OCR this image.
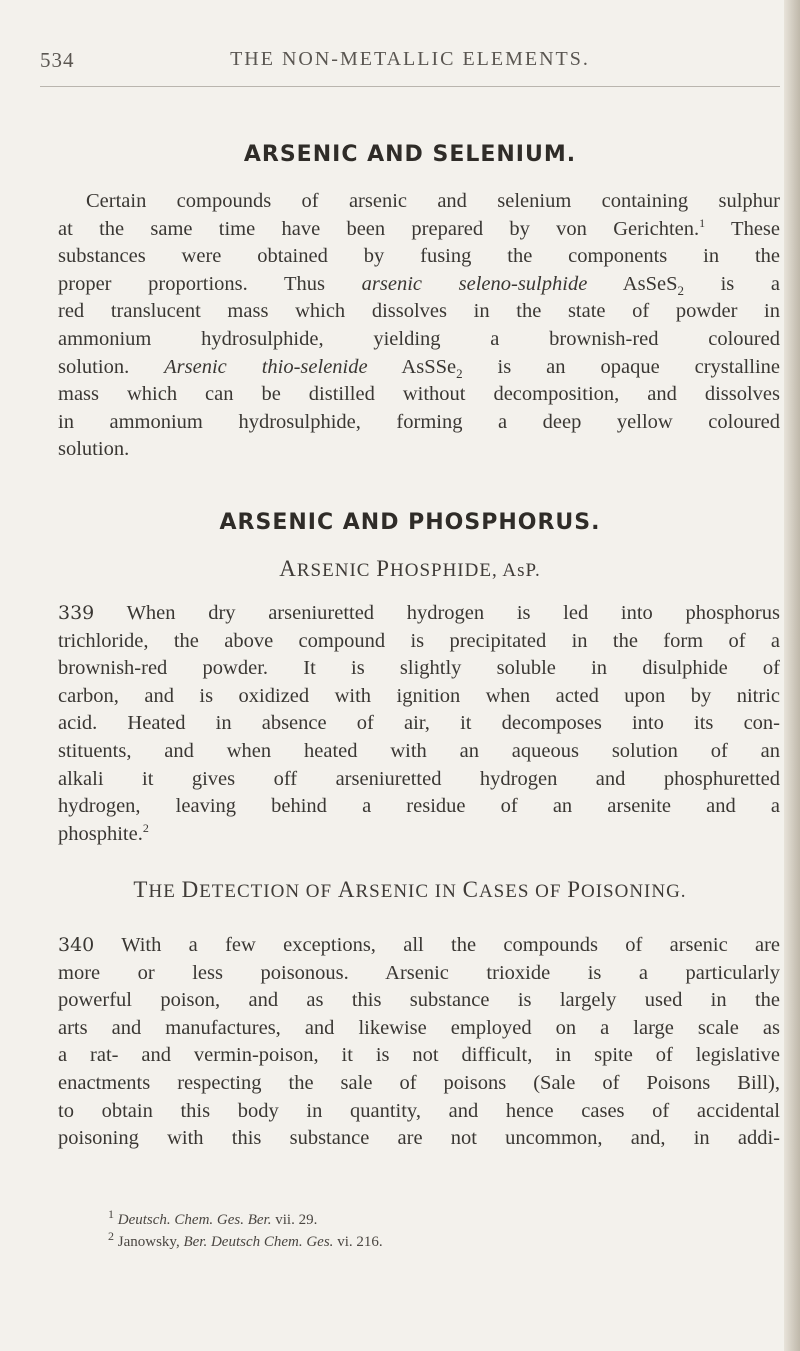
534	THE NON-METALLIC ELEMENTS.
ARSENIC AND SELENIUM.
Certain compounds of arsenic and selenium containing sulphur
at the same time have been prepared by von Gerichten.$^1$ These
substances were obtained by fusing the components in the
proper proportions. Thus arsenic seleno-sulphide AsSeS$_2$ is a
red translucent mass which dissolves in the state of powder in
ammonium hydrosulphide, yielding a brownish-red coloured
solution. Arsenic thio-selenide AsSSe$_2$ is an opaque crystalline
mass which can be distilled without decomposition, and dissolves
in ammonium hydrosulphide, forming a deep yellow coloured
solution.
ARSENIC AND PHOSPHORUS.
ARSENIC PHOSPHIDE, AsP.
339 When dry arseniuretted hydrogen is led into phosphorus
trichloride, the above compound is precipitated in the form of a
brownish-red powder. It is slightly soluble in disulphide of
carbon, and is oxidized with ignition when acted upon by nitric
acid. Heated in absence of air, it decomposes into its con-
stituents, and when heated with an aqueous solution of an
alkali it gives off arseniuretted hydrogen and phosphuretted
hydrogen, leaving behind a residue of an arsenite and a
phosphite.$^2$
THE DETECTION OF ARSENIC IN CASES OF POISONING.
340 With a few exceptions, all the compounds of arsenic are
more or less poisonous. Arsenic trioxide is a particularly
powerful poison, and as this substance is largely used in the
arts and manufactures, and likewise employed on a large scale as
a rat- and vermin-poison, it is not difficult, in spite of legislative
enactments respecting the sale of poisons (Sale of Poisons Bill),
to obtain this body in quantity, and hence cases of accidental
poisoning with this substance are not uncommon, and, in addi-
$^1$ Deutsch. Chem. Ges. Ber. vii. 29.
$^2$ Janowsky, Ber. Deutsch Chem. Ges. vi. 216.
